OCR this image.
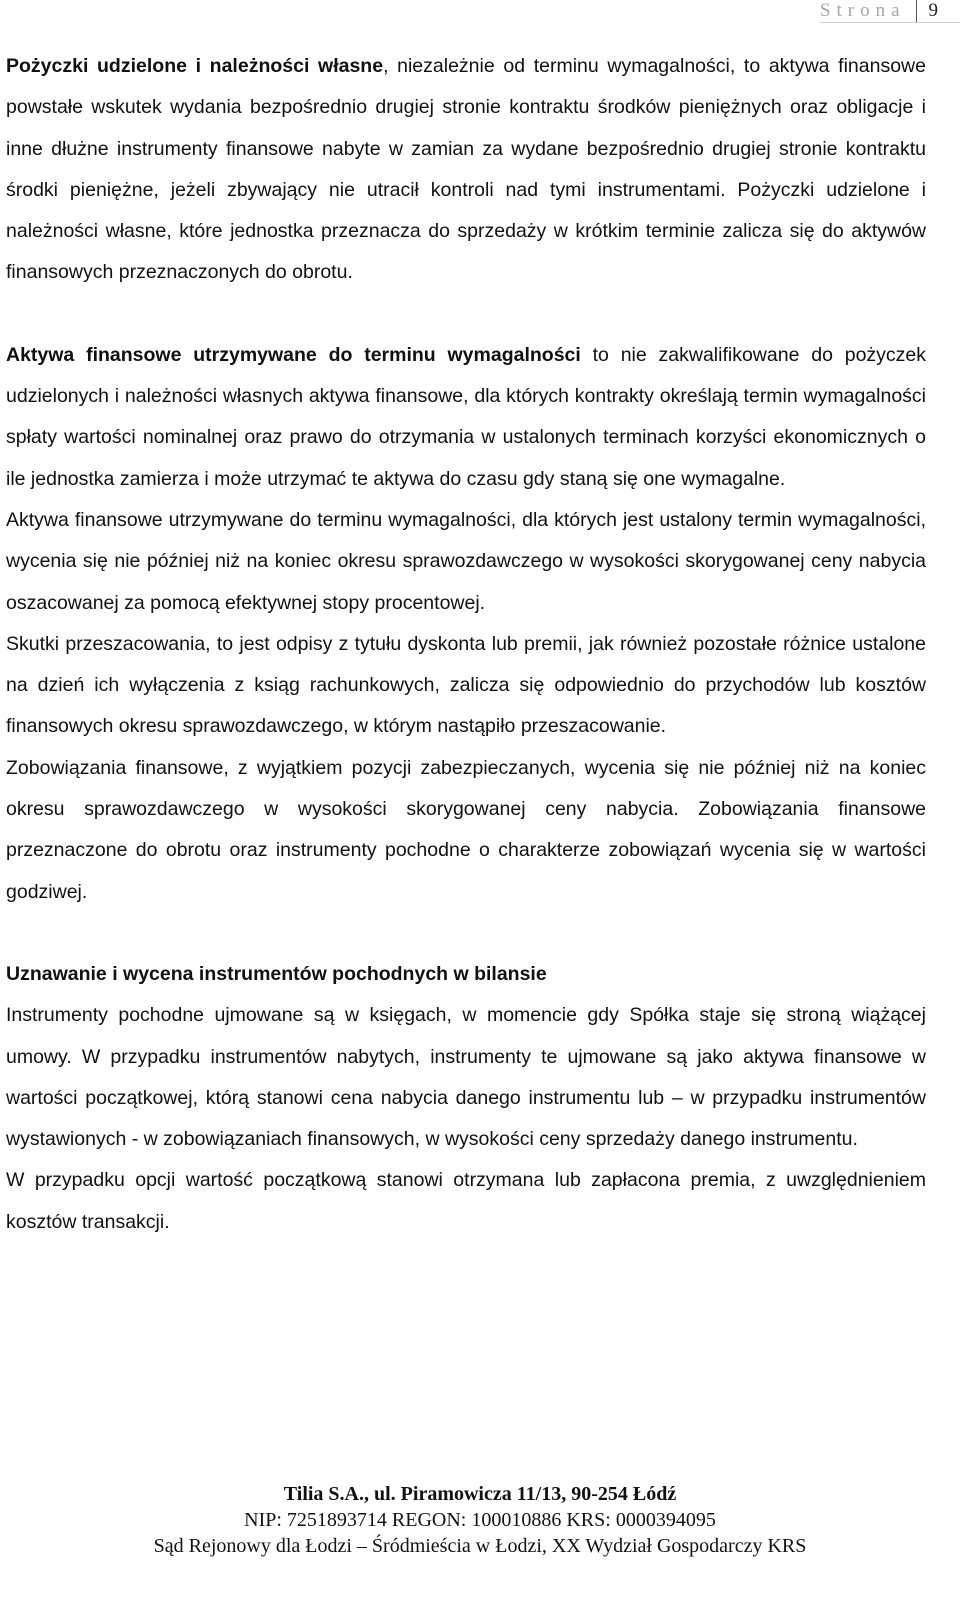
Strona	9

Pożyczki udzielone i należności własne, niezależnie od terminu wymagalności, to aktywa finansowe powstałe wskutek wydania bezpośrednio drugiej stronie kontraktu środków pieniężnych oraz obligacje i inne dłużne instrumenty finansowe nabyte w zamian za wydane bezpośrednio drugiej stronie kontraktu środki pieniężne, jeżeli zbywający nie utracił kontroli nad tymi instrumentami. Pożyczki udzielone i należności własne, które jednostka przeznacza do sprzedaży w krótkim terminie zalicza się do aktywów finansowych przeznaczonych do obrotu.

Aktywa finansowe utrzymywane do terminu wymagalności to nie zakwalifikowane do pożyczek udzielonych i należności własnych aktywa finansowe, dla których kontrakty określają termin wymagalności spłaty wartości nominalnej oraz prawo do otrzymania w ustalonych terminach korzyści ekonomicznych o ile jednostka zamierza i może utrzymać te aktywa do czasu gdy staną się one wymagalne.

Aktywa finansowe utrzymywane do terminu wymagalności, dla których jest ustalony termin wymagalności, wycenia się nie później niż na koniec okresu sprawozdawczego w wysokości skorygowanej ceny nabycia oszacowanej za pomocą efektywnej stopy procentowej.

Skutki przeszacowania, to jest odpisy z tytułu dyskonta lub premii, jak również pozostałe różnice ustalone na dzień ich wyłączenia z ksiąg rachunkowych, zalicza się odpowiednio do przychodów lub kosztów finansowych okresu sprawozdawczego, w którym nastąpiło przeszacowanie.

Zobowiązania finansowe, z wyjątkiem pozycji zabezpieczanych, wycenia się nie później niż na koniec okresu sprawozdawczego w wysokości skorygowanej ceny nabycia. Zobowiązania finansowe przeznaczone do obrotu oraz instrumenty pochodne o charakterze zobowiązań wycenia się w wartości godziwej.

Uznawanie i wycena instrumentów pochodnych w bilansie

Instrumenty pochodne ujmowane są w księgach, w momencie gdy Spółka staje się stroną wiążącej umowy. W przypadku instrumentów nabytych, instrumenty te ujmowane są jako aktywa finansowe w wartości początkowej, którą stanowi cena nabycia danego instrumentu lub – w przypadku instrumentów wystawionych - w zobowiązaniach finansowych, w wysokości ceny sprzedaży danego instrumentu.

W przypadku opcji wartość początkową stanowi otrzymana lub zapłacona premia, z uwzględnieniem kosztów transakcji.

Tilia S.A., ul. Piramowicza 11/13, 90-254 Łódź
NIP: 7251893714 REGON: 100010886 KRS: 0000394095
Sąd Rejonowy dla Łodzi – Śródmieścia w Łodzi, XX Wydział Gospodarczy KRS
